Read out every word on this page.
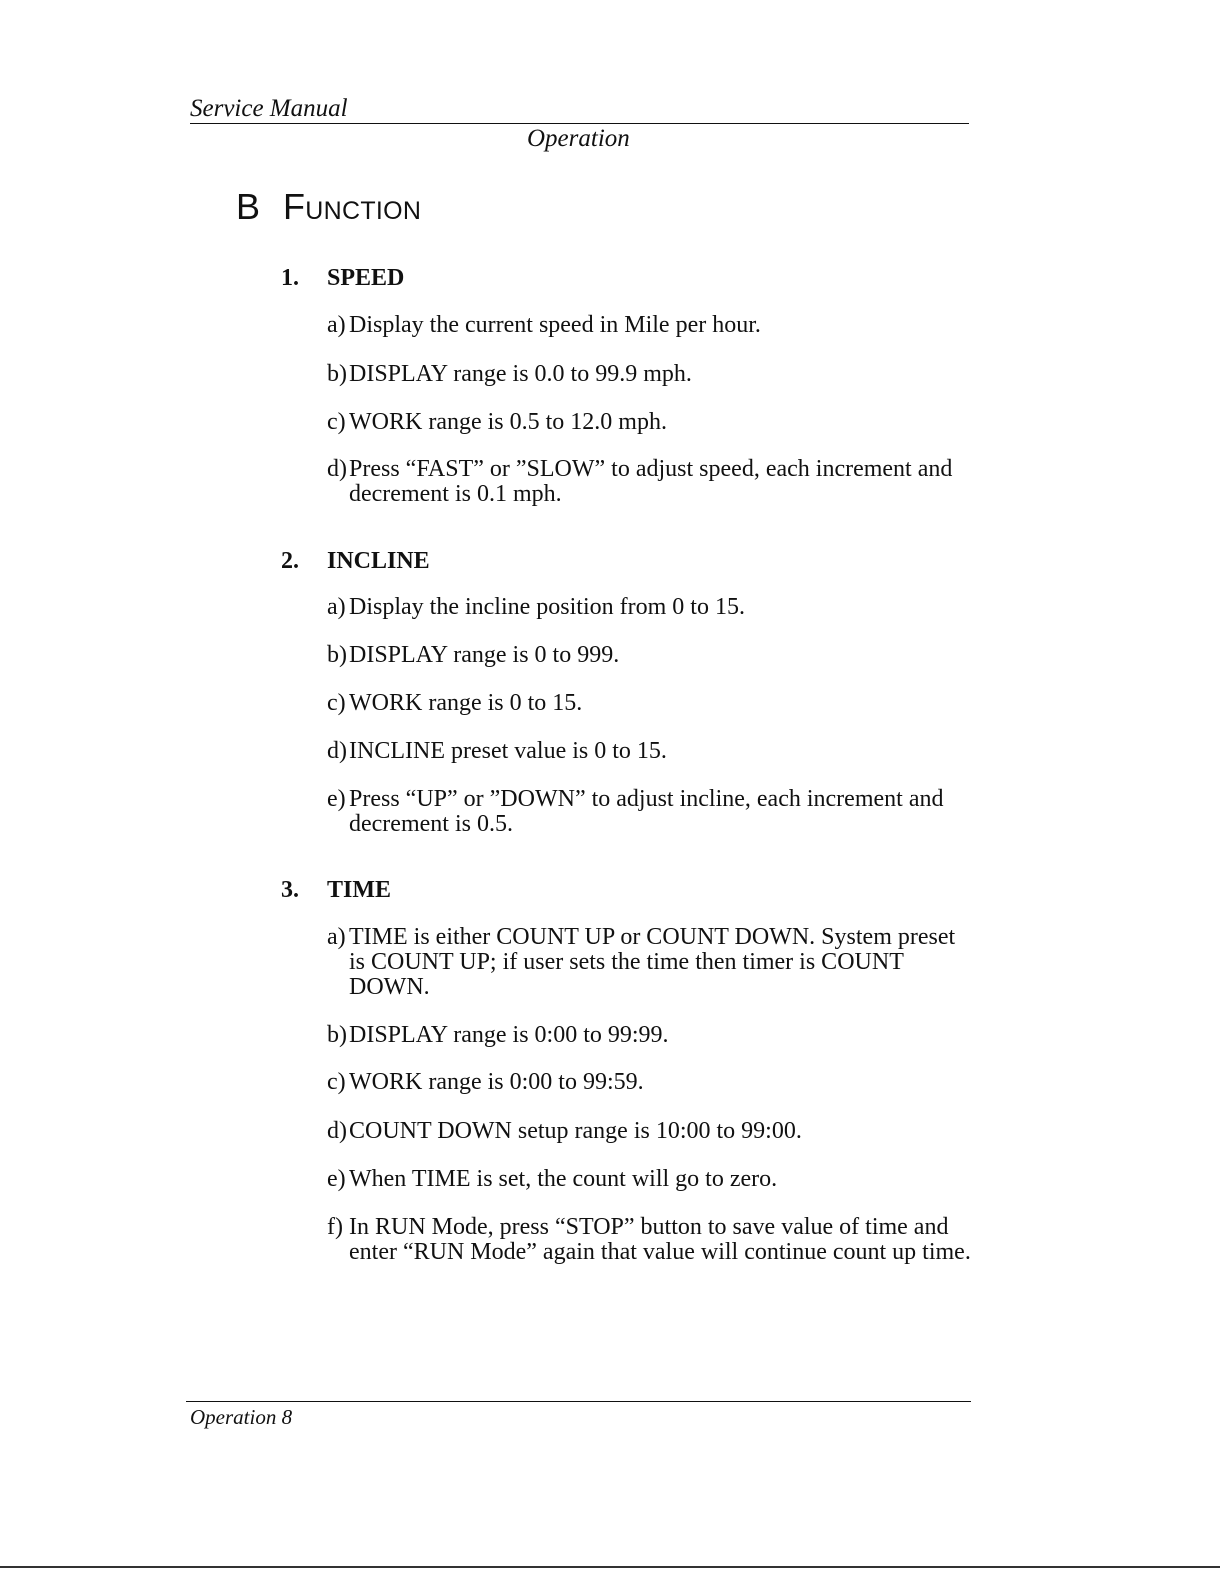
Service Manual
Operation
B Function
1. SPEED
a) Display the current speed in Mile per hour.
b) DISPLAY range is 0.0 to 99.9 mph.
c) WORK range is 0.5 to 12.0 mph.
d) Press “FAST” or ”SLOW” to adjust speed, each increment and
decrement is 0.1 mph.
2. INCLINE
a) Display the incline position from 0 to 15.
b) DISPLAY range is 0 to 999.
c) WORK range is 0 to 15.
d) INCLINE preset value is 0 to 15.
e) Press “UP” or ”DOWN” to adjust incline, each increment and
decrement is 0.5.
3. TIME
a) TIME is either COUNT UP or COUNT DOWN. System preset
is COUNT UP; if user sets the time then timer is COUNT
DOWN.
b) DISPLAY range is 0:00 to 99:99.
c) WORK range is 0:00 to 99:59.
d) COUNT DOWN setup range is 10:00 to 99:00.
e) When TIME is set, the count will go to zero.
f) In RUN Mode, press “STOP” button to save value of time and
enter “RUN Mode” again that value will continue count up time.
Operation 8
